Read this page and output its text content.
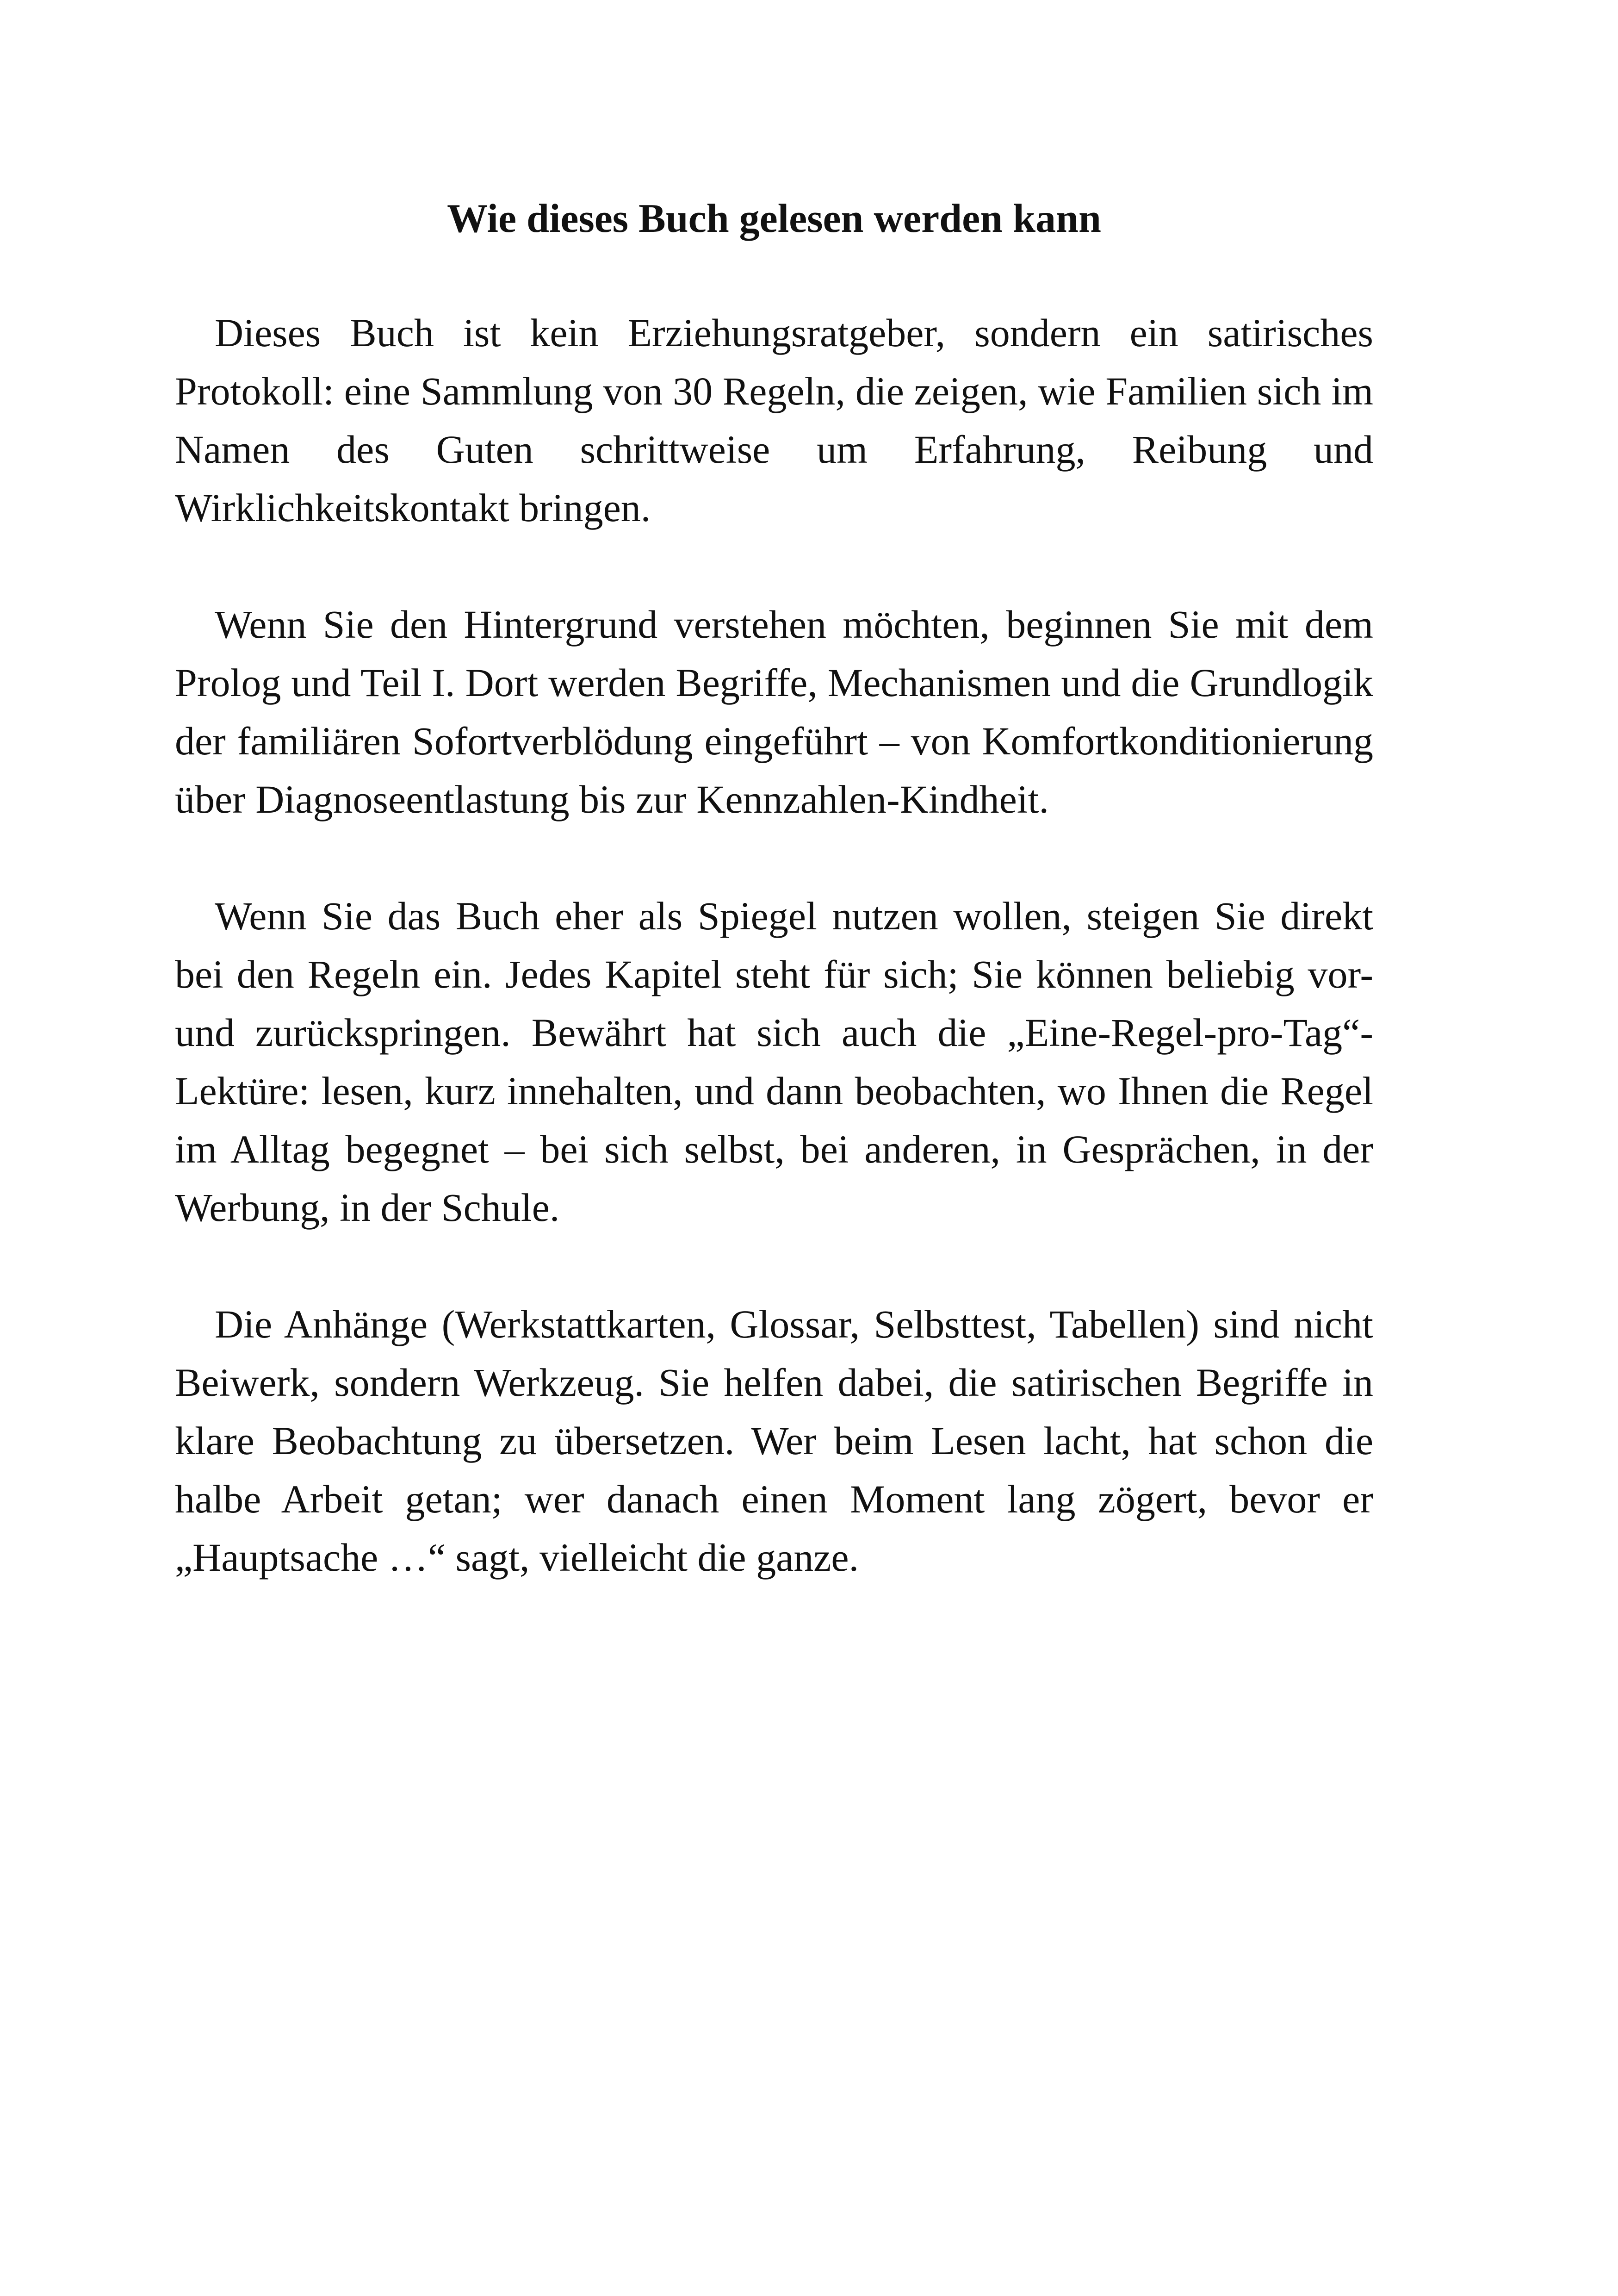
Wie dieses Buch gelesen werden kann

Dieses Buch ist kein Erziehungsratgeber, sondern ein satirisches Protokoll: eine Sammlung von 30 Regeln, die zeigen, wie Familien sich im Namen des Guten schrittweise um Erfahrung, Reibung und Wirklichkeitskontakt bringen.

Wenn Sie den Hintergrund verstehen möchten, beginnen Sie mit dem Prolog und Teil I. Dort werden Begriffe, Mechanismen und die Grundlogik der familiären Sofortverblödung eingeführt – von Komfortkonditionierung über Diagnoseentlastung bis zur Kennzahlen-Kindheit.

Wenn Sie das Buch eher als Spiegel nutzen wollen, steigen Sie direkt bei den Regeln ein. Jedes Kapitel steht für sich; Sie können beliebig vor- und zurückspringen. Bewährt hat sich auch die „Eine-Regel-pro-Tag“-Lektüre: lesen, kurz innehalten, und dann beobachten, wo Ihnen die Regel im Alltag begegnet – bei sich selbst, bei anderen, in Gesprächen, in der Werbung, in der Schule.

Die Anhänge (Werkstattkarten, Glossar, Selbsttest, Tabellen) sind nicht Beiwerk, sondern Werkzeug. Sie helfen dabei, die satirischen Begriffe in klare Beobachtung zu übersetzen. Wer beim Lesen lacht, hat schon die halbe Arbeit getan; wer danach einen Moment lang zögert, bevor er „Hauptsache …“ sagt, vielleicht die ganze.
